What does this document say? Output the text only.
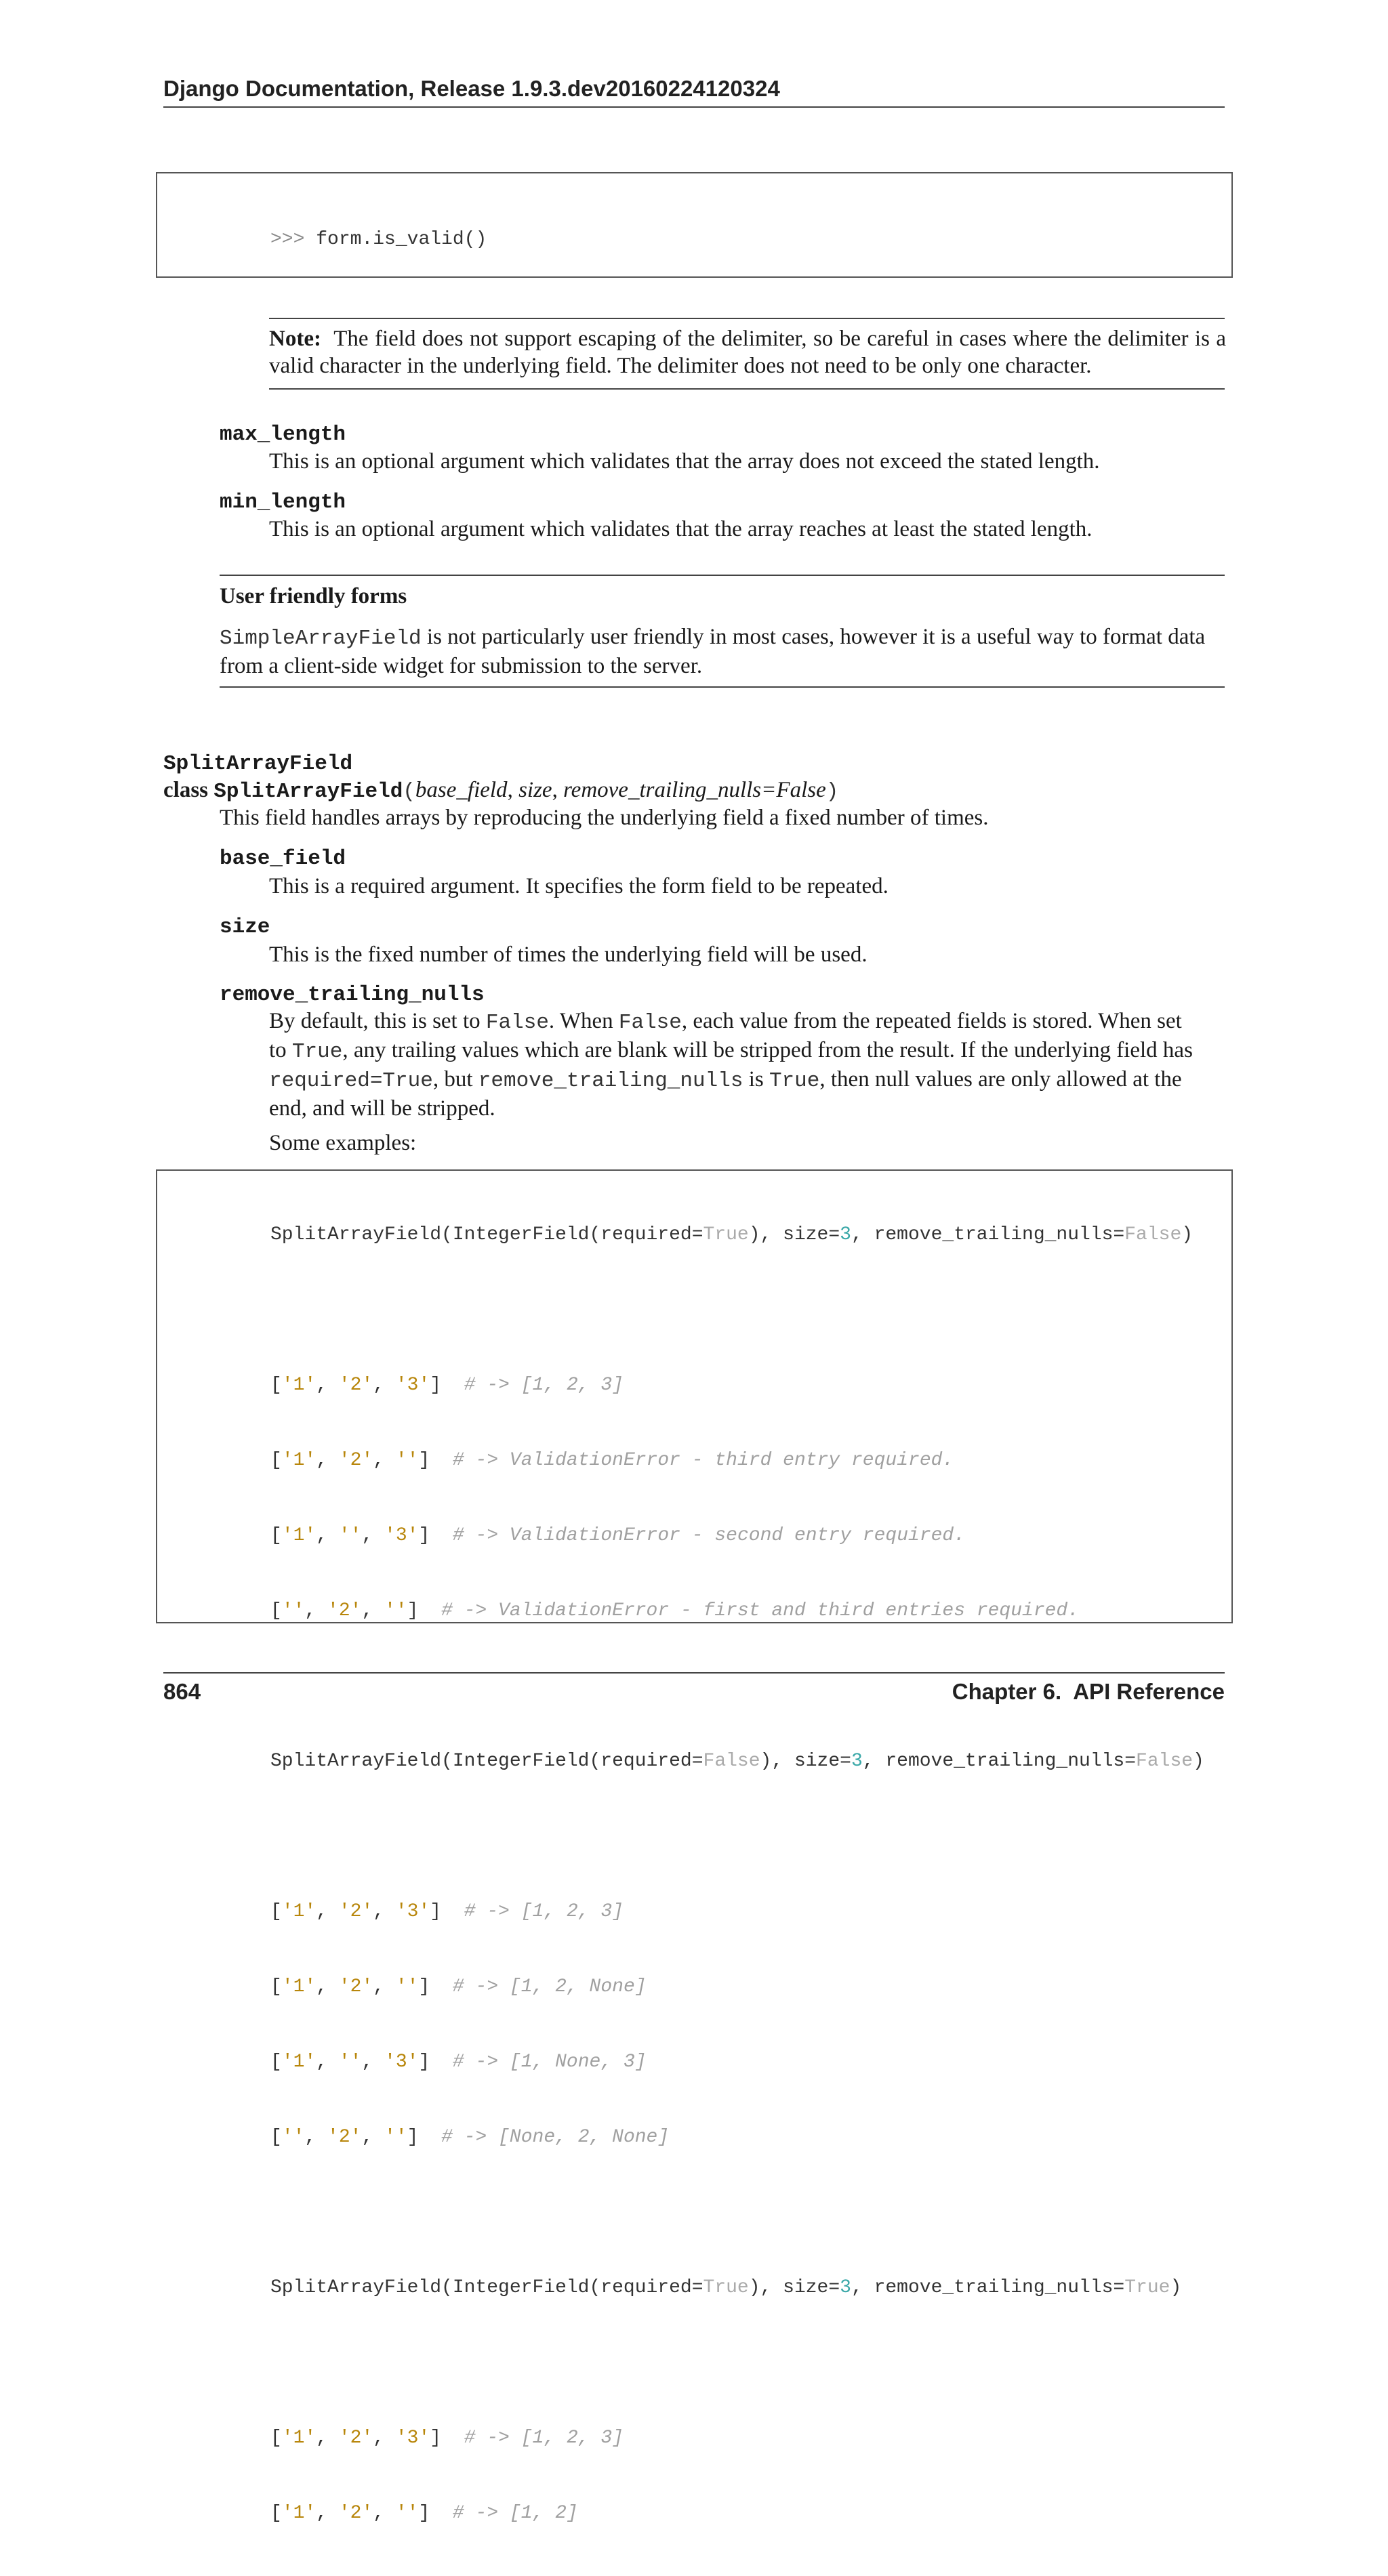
Django Documentation, Release 1.9.3.dev20160224120324

>>> form.is_valid()

Note: The field does not support escaping of the delimiter, so be careful in cases where the delimiter is a valid character in the underlying field. The delimiter does not need to be only one character.
max_length
This is an optional argument which validates that the array does not exceed the stated length.
min_length
This is an optional argument which validates that the array reaches at least the stated length.
User friendly forms
SimpleArrayField is not particularly user friendly in most cases, however it is a useful way to format data
from a client-side widget for submission to the server.
SplitArrayField
class SplitArrayField(base_field, size, remove_trailing_nulls=False)
This field handles arrays by reproducing the underlying field a fixed number of times.
base_field
This is a required argument. It specifies the form field to be repeated.
size
This is the fixed number of times the underlying field will be used.
remove_trailing_nulls
By default, this is set to False. When False, each value from the repeated fields is stored. When set
to True, any trailing values which are blank will be stripped from the result. If the underlying field has
required=True, but remove_trailing_nulls is True, then null values are only allowed at the
end, and will be stripped.
Some examples:

SplitArrayField(IntegerField(required=True), size=3, remove_trailing_nulls=False)

['1', '2', '3']  # -> [1, 2, 3]

['1', '2', '']  # -> ValidationError - third entry required.

['1', '', '3']  # -> ValidationError - second entry required.

['', '2', '']  # -> ValidationError - first and third entries required.

SplitArrayField(IntegerField(required=False), size=3, remove_trailing_nulls=False)

['1', '2', '3']  # -> [1, 2, 3]

['1', '2', '']  # -> [1, 2, None]

['1', '', '3']  # -> [1, None, 3]

['', '2', '']  # -> [None, 2, None]

SplitArrayField(IntegerField(required=True), size=3, remove_trailing_nulls=True)

['1', '2', '3']  # -> [1, 2, 3]

['1', '2', '']  # -> [1, 2]

864	Chapter 6.  API Reference
